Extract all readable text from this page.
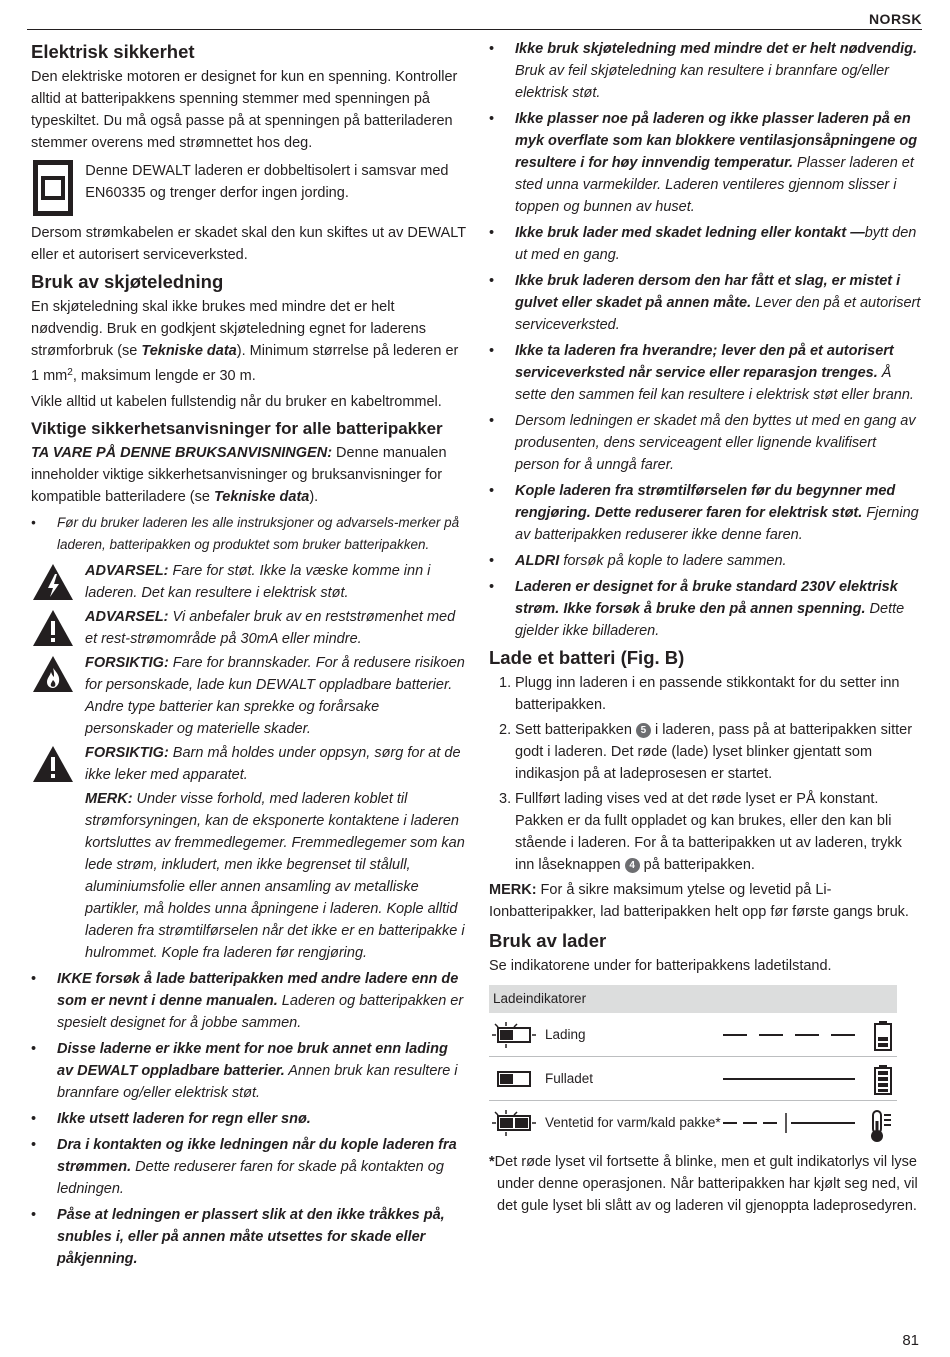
NORSK
Elektrisk sikkerhet

Den elektriske motoren er designet for kun en spenning. Kontroller alltid at batteripakkens spenning stemmer med spenningen på typeskiltet. Du må også passe på at spenningen på batteriladeren stemmer overens med strømnettet hos deg.

Denne DEWALT laderen er dobbeltisolert i samsvar med EN60335 og trenger derfor ingen jording.

Dersom strømkabelen er skadet skal den kun skiftes ut av DEWALT eller et autorisert serviceverksted.

Bruk av skjøteledning

En skjøteledning skal ikke brukes med mindre det er helt nødvendig. Bruk en godkjent skjøteledning egnet for laderens strømforbruk (se Tekniske data). Minimum størrelse på lederen er 1 $mm^2$, maksimum lengde er 30 m.

Vikle alltid ut kabelen fullstendig når du bruker en kabeltrommel.

Viktige sikkerhetsanvisninger for alle batteripakker

TA VARE PÅ DENNE BRUKSANVISNINGEN: Denne manualen inneholder viktige sikkerhetsanvisninger og bruksanvisninger for kompatible batteriladere (se Tekniske data).

• Før du bruker laderen les alle instruksjoner og advarsels-merker på laderen, batteripakken og produktet som bruker batteripakken.
ADVARSEL: Fare for støt. Ikke la væske komme inn i laderen. Det kan resultere i elektrisk støt.
ADVARSEL: Vi anbefaler bruk av en reststrømenhet med et rest-strømområde på 30mA eller mindre.
FORSIKTIG: Fare for brannskader. For å redusere risikoen for personskade, lade kun DEWALT oppladbare batterier. Andre type batterier kan sprekke og forårsake personskader og materielle skader.
FORSIKTIG: Barn må holdes under oppsyn, sørg for at de ikke leker med apparatet.

MERK: Under visse forhold, med laderen koblet til strømforsyningen, kan de eksponerte kontaktene i laderen kortsluttes av fremmedlegemer. Fremmedlegemer som kan lede strøm, inkludert, men ikke begrenset til stålull, aluminiumsfolie eller annen ansamling av metalliske partikler, må holdes unna åpningene i laderen. Kople alltid laderen fra strømtilførselen når det ikke er en batteripakke i hulrommet. Kople fra laderen før rengjøring.

• IKKE forsøk å lade batteripakken med andre ladere enn de som er nevnt i denne manualen. Laderen og batteripakken er spesielt designet for å jobbe sammen.
• Disse laderne er ikke ment for noe bruk annet enn lading av DEWALT oppladbare batterier. Annen bruk kan resultere i brannfare og/eller elektrisk støt.
• Ikke utsett laderen for regn eller snø.
• Dra i kontakten og ikke ledningen når du kople laderen fra strømmen. Dette reduserer faren for skade på kontakten og ledningen.
• Påse at ledningen er plassert slik at den ikke tråkkes på, snubles i, eller på annen måte utsettes for skade eller påkjenning.
• Ikke bruk skjøteledning med mindre det er helt nødvendig. Bruk av feil skjøteledning kan resultere i brannfare og/eller elektrisk støt.
• Ikke plasser noe på laderen og ikke plasser laderen på en myk overflate som kan blokkere ventilasjonsåpningene og resultere i for høy innvendig temperatur. Plasser laderen et sted unna varmekilder. Laderen ventileres gjennom slisser i toppen og bunnen av huset.
• Ikke bruk lader med skadet ledning eller kontakt —bytt den ut med en gang.
• Ikke bruk laderen dersom den har fått et slag, er mistet i gulvet eller skadet på annen måte. Lever den på et autorisert serviceverksted.
• Ikke ta laderen fra hverandre; lever den på et autorisert serviceverksted når service eller reparasjon trenges. Å sette den sammen feil kan resultere i elektrisk støt eller brann.
• Dersom ledningen er skadet må den byttes ut med en gang av produsenten, dens serviceagent eller lignende kvalifisert person for å unngå farer.
• Kople laderen fra strømtilførselen før du begynner med rengjøring. Dette reduserer faren for elektrisk støt. Fjerning av batteripakken reduserer ikke denne faren.
• ALDRI forsøk på kople to ladere sammen.
• Laderen er designet for å bruke standard 230V elektrisk strøm. Ikke forsøk å bruke den på annen spenning. Dette gjelder ikke billaderen.
Lade et batteri (Fig. B)
1. Plugg inn laderen i en passende stikkontakt for du setter inn batteripakken.
2. Sett batteripakken 5 i laderen, pass på at batteripakken sitter godt i laderen. Det røde (lade) lyset blinker gjentatt som indikasjon på at ladeprosesen er startet.
3. Fullført lading vises ved at det røde lyset er PÅ konstant. Pakken er da fullt oppladet og kan brukes, eller den kan bli stående i laderen. For å ta batteripakken ut av laderen, trykk inn låseknappen 4 på batteripakken.

MERK: For å sikre maksimum ytelse og levetid på Li-Ionbatteripakker, lad batteripakken helt opp før første gangs bruk.

Bruk av lader

Se indikatorene under for batteripakkens ladetilstand.

Ladeindikatorer
Lading
Fulladet
Ventetid for varm/kald pakke*

*Det røde lyset vil fortsette å blinke, men et gult indikatorlys vil lyse under denne operasjonen. Når batteripakken har kjølt seg ned, vil det gule lyset bli slått av og laderen vil gjenoppta ladeprosedyren.

81
